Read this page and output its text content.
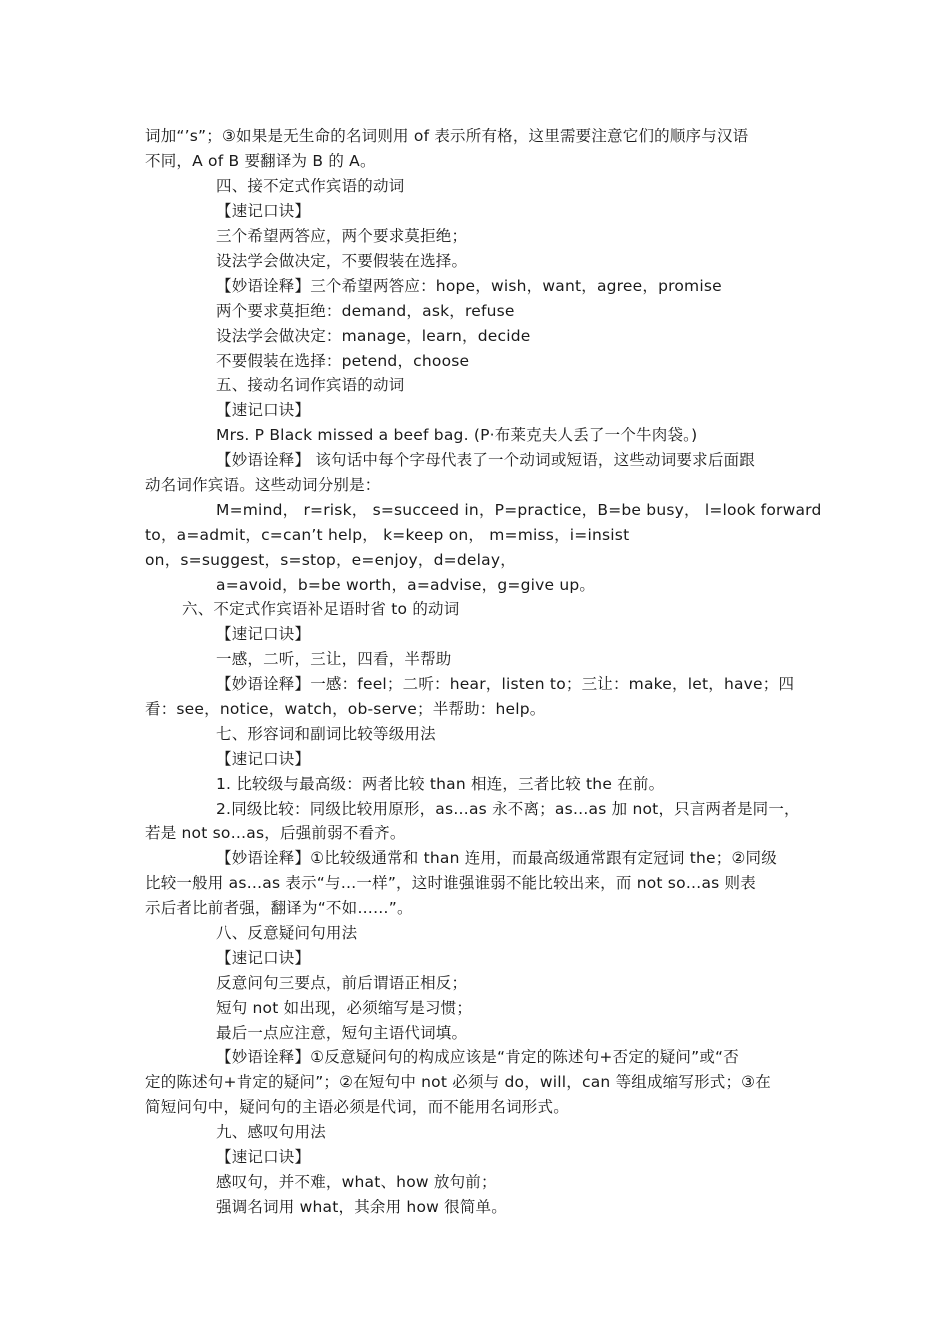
词加“’s”；③如果是无生命的名词则用 of 表示所有格，这里需要注意它们的顺序与汉语
不同，A of B 要翻译为 B 的 A。
四、接不定式作宾语的动词
【速记口诀】
三个希望两答应，两个要求莫拒绝；
设法学会做决定，不要假装在选择。
【妙语诠释】三个希望两答应：hope，wish，want，agree，promise
两个要求莫拒绝：demand，ask，refuse
设法学会做决定：manage，learn，decide
不要假装在选择：petend，choose
五、接动名词作宾语的动词
【速记口诀】
Mrs. P Black missed a beef bag. (P·布莱克夫人丢了一个牛肉袋。)
【妙语诠释】 该句话中每个字母代表了一个动词或短语，这些动词要求后面跟
动名词作宾语。这些动词分别是：
M=mind， r=risk， s=succeed in，P=practice，B=be busy， l=look forward
to，a=admit，c=can’t help， k=keep on， m=miss，i=insist
on，s=suggest，s=stop，e=enjoy，d=delay，
a=avoid，b=be worth，a=advise，g=give up。
六、不定式作宾语补足语时省 to 的动词
【速记口诀】
一感，二听，三让，四看，半帮助
【妙语诠释】一感：feel；二听：hear，listen to；三让：make，let，have；四
看：see，notice，watch，ob-serve；半帮助：help。
七、形容词和副词比较等级用法
【速记口诀】
1. 比较级与最高级：两者比较 than 相连，三者比较 the 在前。
2.同级比较：同级比较用原形，as…as 永不离；as…as 加 not，只言两者是同一，
若是 not so…as，后强前弱不看齐。
【妙语诠释】①比较级通常和 than 连用，而最高级通常跟有定冠词 the；②同级
比较一般用 as…as 表示“与…一样”，这时谁强谁弱不能比较出来，而 not so…as 则表
示后者比前者强，翻译为“不如……”。
八、反意疑问句用法
【速记口诀】
反意问句三要点，前后谓语正相反；
短句 not 如出现，必须缩写是习惯；
最后一点应注意，短句主语代词填。
【妙语诠释】①反意疑问句的构成应该是“肯定的陈述句+否定的疑问”或“否
定的陈述句+肯定的疑问”；②在短句中 not 必须与 do，will，can 等组成缩写形式；③在
简短问句中，疑问句的主语必须是代词，而不能用名词形式。
九、感叹句用法
【速记口诀】
感叹句，并不难，what、how 放句前；
强调名词用 what，其余用 how 很简单。
